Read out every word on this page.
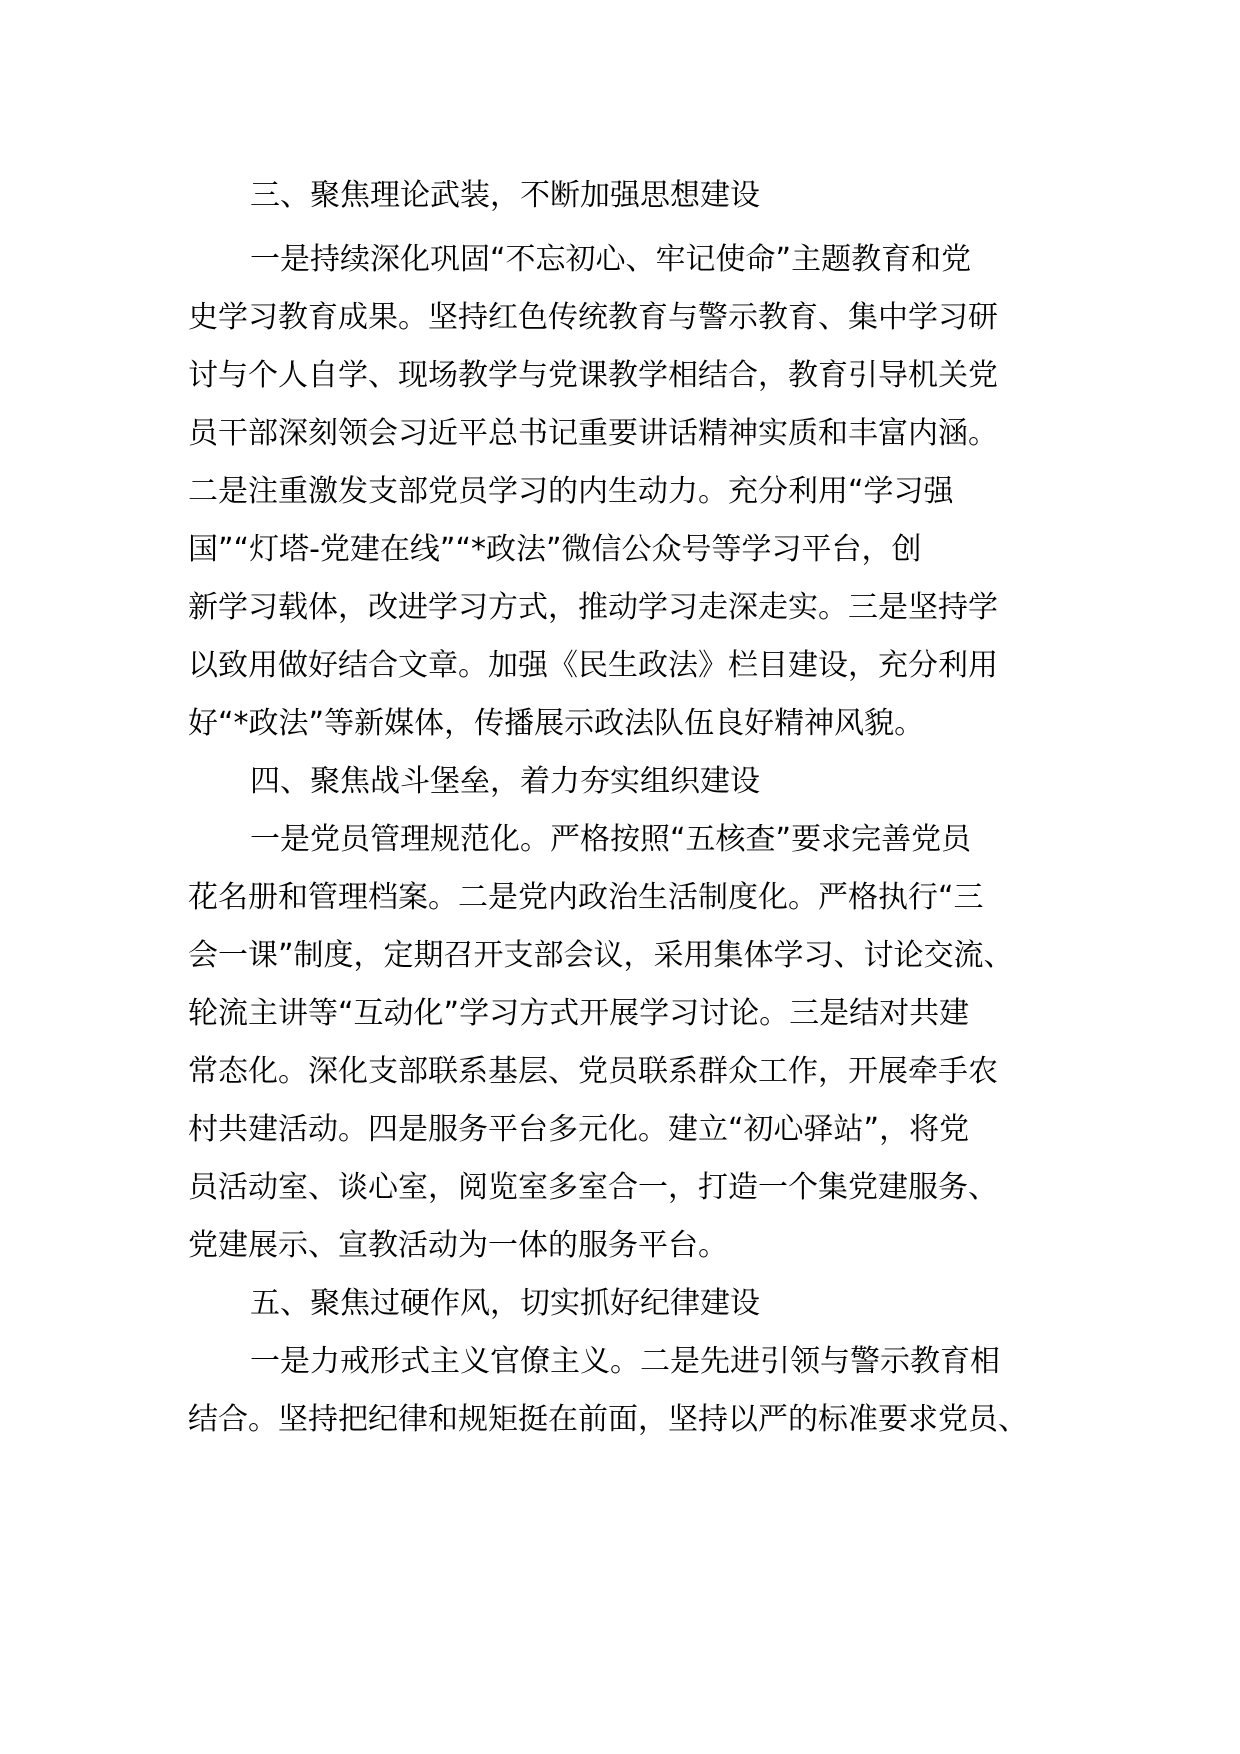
三、聚焦理论武装，不断加强思想建设
一是持续深化巩固“不忘初心、牢记使命”主题教育和党
史学习教育成果。坚持红色传统教育与警示教育、集中学习研
讨与个人自学、现场教学与党课教学相结合，教育引导机关党
员干部深刻领会习近平总书记重要讲话精神实质和丰富内涵。
二是注重激发支部党员学习的内生动力。充分利用“学习强
国”“灯塔-党建在线”“*政法”微信公众号等学习平台，创
新学习载体，改进学习方式，推动学习走深走实。三是坚持学
以致用做好结合文章。加强《民生政法》栏目建设，充分利用
好“*政法”等新媒体，传播展示政法队伍良好精神风貌。
四、聚焦战斗堡垒，着力夯实组织建设
一是党员管理规范化。严格按照“五核查”要求完善党员
花名册和管理档案。二是党内政治生活制度化。严格执行“三
会一课”制度，定期召开支部会议，采用集体学习、讨论交流、
轮流主讲等“互动化”学习方式开展学习讨论。三是结对共建
常态化。深化支部联系基层、党员联系群众工作，开展牵手农
村共建活动。四是服务平台多元化。建立“初心驿站”，将党
员活动室、谈心室，阅览室多室合一，打造一个集党建服务、
党建展示、宣教活动为一体的服务平台。
五、聚焦过硬作风，切实抓好纪律建设
一是力戒形式主义官僚主义。二是先进引领与警示教育相
结合。坚持把纪律和规矩挺在前面，坚持以严的标准要求党员、
